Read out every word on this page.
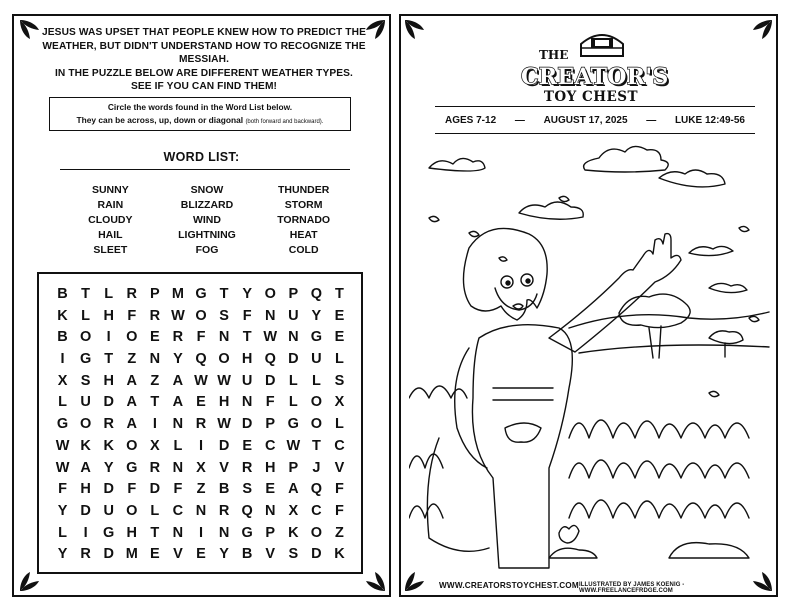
JESUS WAS UPSET THAT PEOPLE KNEW HOW TO PREDICT THE
WEATHER, BUT DIDN'T UNDERSTAND HOW TO RECOGNIZE THE MESSIAH.
IN THE PUZZLE BELOW ARE DIFFERENT WEATHER TYPES.
SEE IF YOU CAN FIND THEM!
Circle the words found in the Word List below.
They can be across, up, down or diagonal (both forward and backward).
WORD LIST:
SUNNY	SNOW	THUNDER
RAIN	BLIZZARD	STORM
CLOUDY	WIND	TORNADO
HAIL	LIGHTNING	HEAT
SLEET	FOG	COLD
B T L R P M G T Y O P Q T
K L H F R W O S F N U Y E
B O	I	O E R F N T W N G E
I	G T Z N Y Q O H Q D U L
X S H A Z A W W U D L L S
L U D A T A E H N F L O X
G O R A	I	N R W D P G O L
W K K O X L	I	D E C W T C
W A Y G R N X V R H P J V
F H D F D F Z B S E A Q F
Y D U O L C N R Q N X C F
L	I	G H T N	I	N G P K O Z
Y R D M E V E Y B V S D K
THE
CREATOR'S
TOY CHEST
AGES 7-12 — AUGUST 17, 2025 — LUKE 12:49-56
WWW.CREATORSTOYCHEST.COM ILLUSTRATED BY JAMES KOENIG - WWW.FREELANCEFRDGE.COM
